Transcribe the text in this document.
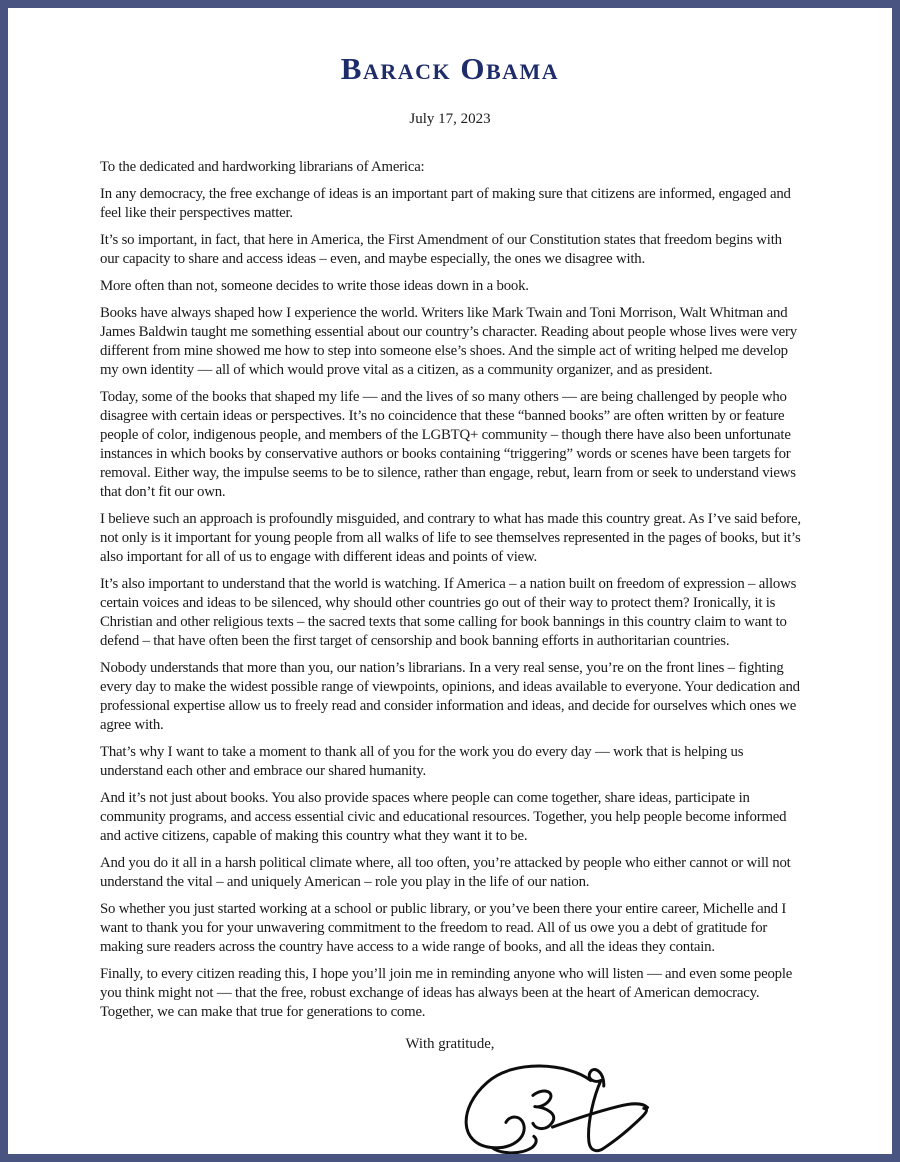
Barack Obama
July 17, 2023

To the dedicated and hardworking librarians of America:

In any democracy, the free exchange of ideas is an important part of making sure that citizens are informed, engaged and feel like their perspectives matter.

It’s so important, in fact, that here in America, the First Amendment of our Constitution states that freedom begins with our capacity to share and access ideas – even, and maybe especially, the ones we disagree with.

More often than not, someone decides to write those ideas down in a book.

Books have always shaped how I experience the world. Writers like Mark Twain and Toni Morrison, Walt Whitman and James Baldwin taught me something essential about our country’s character. Reading about people whose lives were very different from mine showed me how to step into someone else’s shoes. And the simple act of writing helped me develop my own identity — all of which would prove vital as a citizen, as a community organizer, and as president.

Today, some of the books that shaped my life — and the lives of so many others — are being challenged by people who disagree with certain ideas or perspectives. It’s no coincidence that these “banned books” are often written by or feature people of color, indigenous people, and members of the LGBTQ+ community – though there have also been unfortunate instances in which books by conservative authors or books containing “triggering” words or scenes have been targets for removal. Either way, the impulse seems to be to silence, rather than engage, rebut, learn from or seek to understand views that don’t fit our own.

I believe such an approach is profoundly misguided, and contrary to what has made this country great. As I’ve said before, not only is it important for young people from all walks of life to see themselves represented in the pages of books, but it’s also important for all of us to engage with different ideas and points of view.

It’s also important to understand that the world is watching. If America – a nation built on freedom of expression – allows certain voices and ideas to be silenced, why should other countries go out of their way to protect them? Ironically, it is Christian and other religious texts – the sacred texts that some calling for book bannings in this country claim to want to defend – that have often been the first target of censorship and book banning efforts in authoritarian countries.

Nobody understands that more than you, our nation’s librarians. In a very real sense, you’re on the front lines – fighting every day to make the widest possible range of viewpoints, opinions, and ideas available to everyone. Your dedication and professional expertise allow us to freely read and consider information and ideas, and decide for ourselves which ones we agree with.

That’s why I want to take a moment to thank all of you for the work you do every day — work that is helping us understand each other and embrace our shared humanity.

And it’s not just about books. You also provide spaces where people can come together, share ideas, participate in community programs, and access essential civic and educational resources. Together, you help people become informed and active citizens, capable of making this country what they want it to be.

And you do it all in a harsh political climate where, all too often, you’re attacked by people who either cannot or will not understand the vital – and uniquely American – role you play in the life of our nation.

So whether you just started working at a school or public library, or you’ve been there your entire career, Michelle and I want to thank you for your unwavering commitment to the freedom to read. All of us owe you a debt of gratitude for making sure readers across the country have access to a wide range of books, and all the ideas they contain.

Finally, to every citizen reading this, I hope you’ll join me in reminding anyone who will listen — and even some people you think might not — that the free, robust exchange of ideas has always been at the heart of American democracy. Together, we can make that true for generations to come.

With gratitude,
